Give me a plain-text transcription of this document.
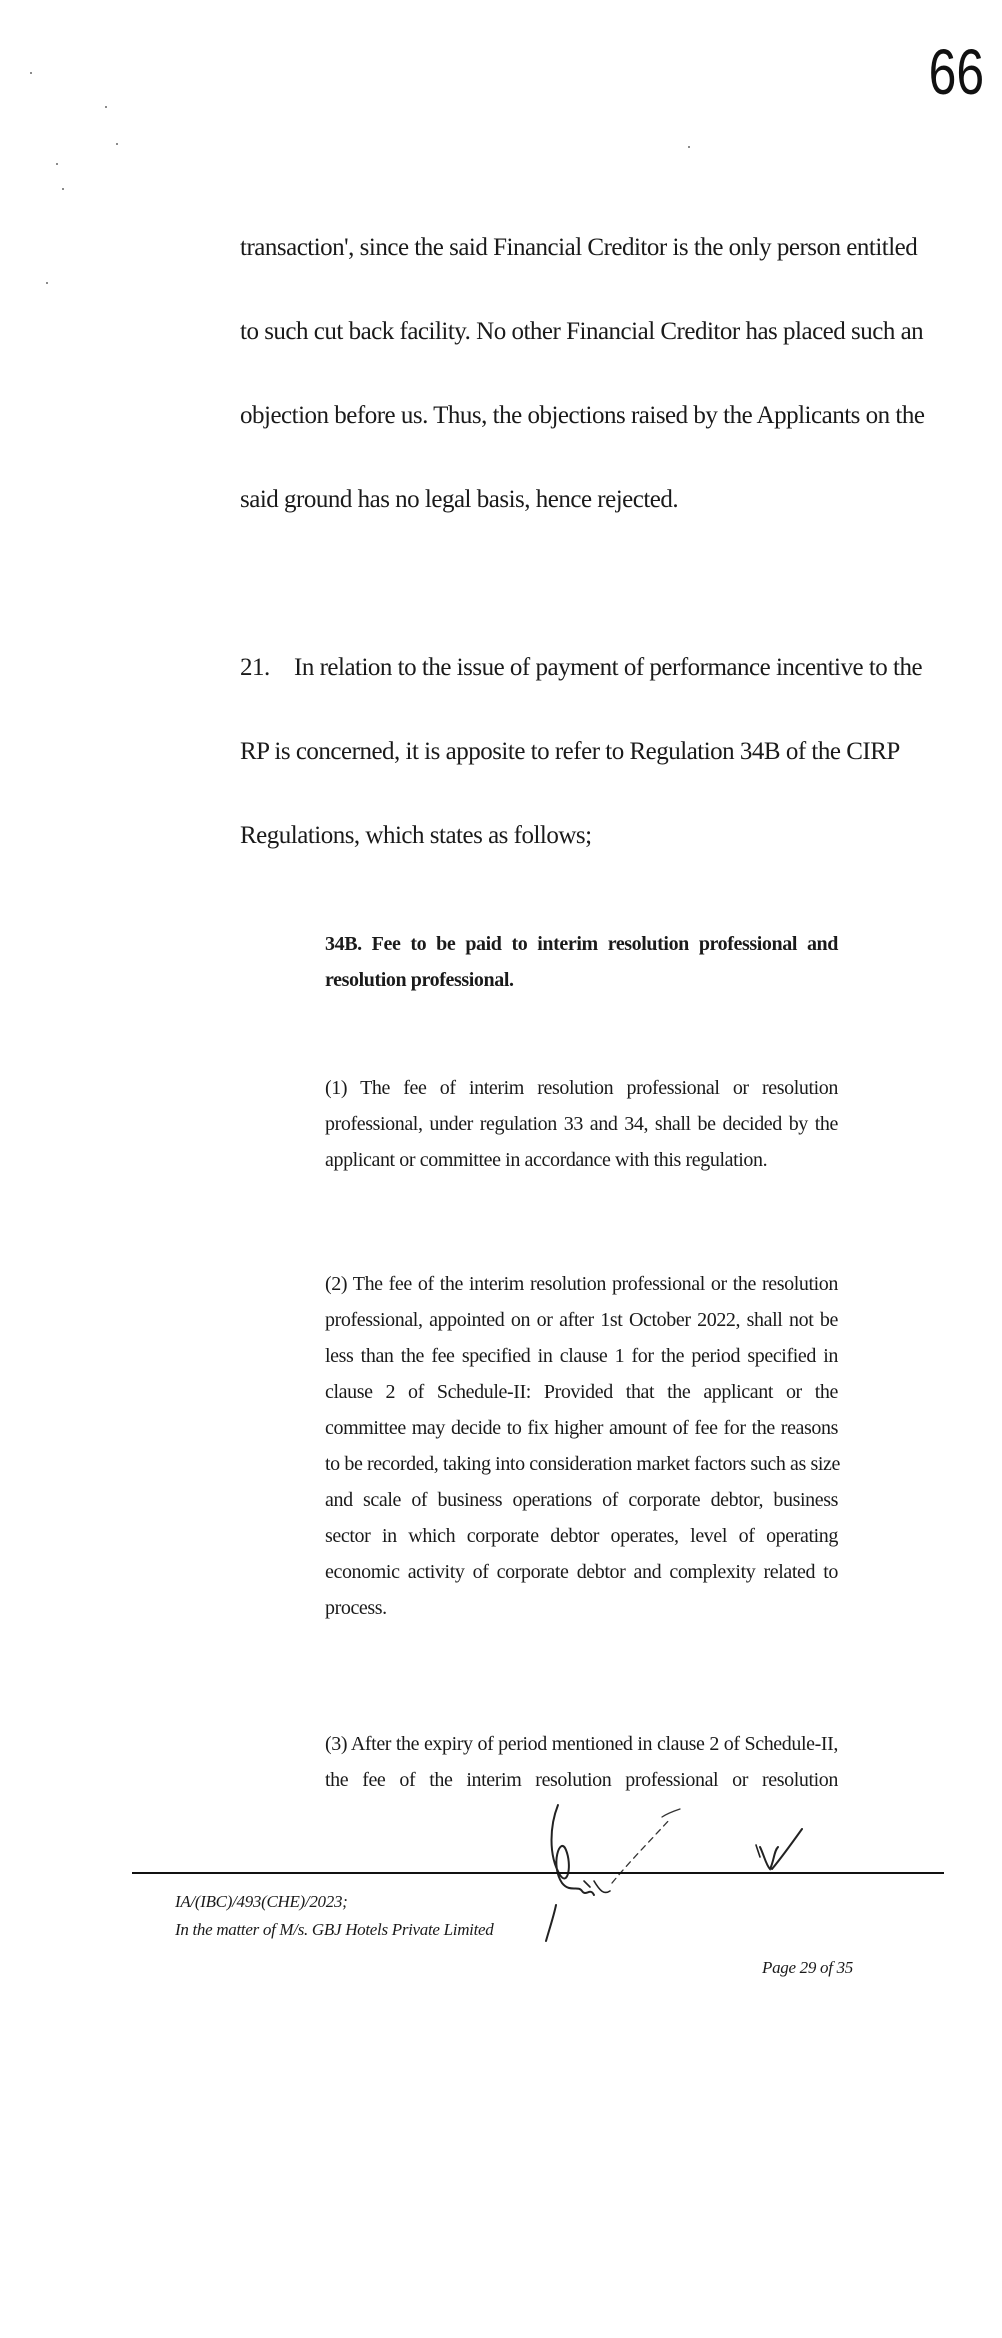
66
transaction', since the said Financial Creditor is the only person entitled
to such cut back facility. No other Financial Creditor has placed such an
objection before us. Thus, the objections raised by the Applicants on the
said ground has no legal basis, hence rejected.
21. In relation to the issue of payment of performance incentive to the
RP is concerned, it is apposite to refer to Regulation 34B of the CIRP
Regulations, which states as follows;
34B. Fee to be paid to interim resolution professional and
resolution professional.
(1) The fee of interim resolution professional or resolution
professional, under regulation 33 and 34, shall be decided by the
applicant or committee in accordance with this regulation.
(2) The fee of the interim resolution professional or the resolution
professional, appointed on or after 1st October 2022, shall not be
less than the fee specified in clause 1 for the period specified in
clause 2 of Schedule-II: Provided that the applicant or the
committee may decide to fix higher amount of fee for the reasons
to be recorded, taking into consideration market factors such as size
and scale of business operations of corporate debtor, business
sector in which corporate debtor operates, level of operating
economic activity of corporate debtor and complexity related to
process.
(3) After the expiry of period mentioned in clause 2 of Schedule-II,
the fee of the interim resolution professional or resolution
IA/(IBC)/493(CHE)/2023;
In the matter of M/s. GBJ Hotels Private Limited
Page 29 of 35
